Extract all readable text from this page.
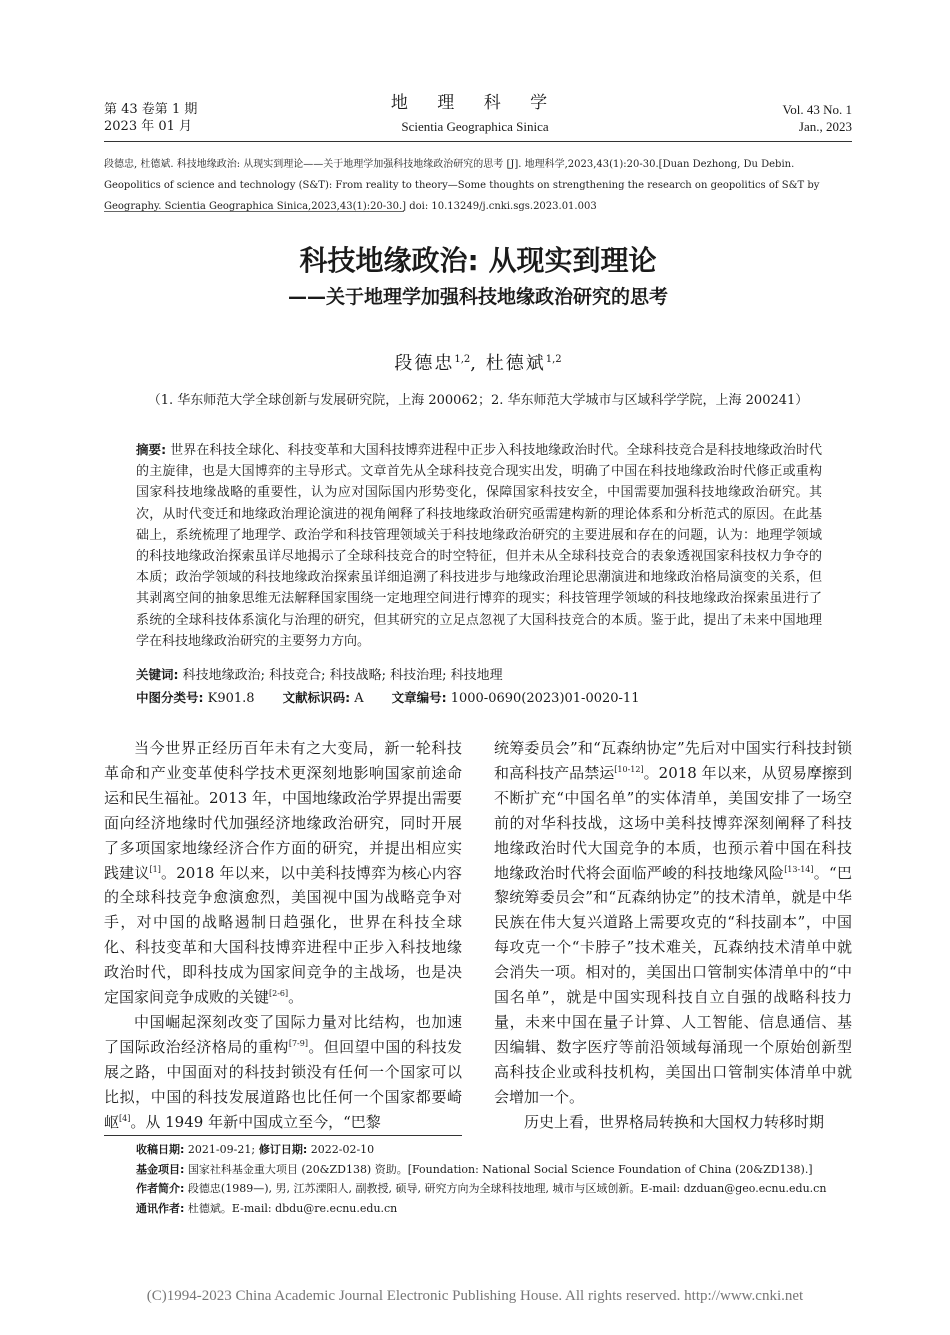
第 43 卷第 1 期
2023 年 01 月
地 理 科 学
Scientia Geographica Sinica
Vol. 43 No. 1
Jan., 2023
段德忠, 杜德斌. 科技地缘政治: 从现实到理论——关于地理学加强科技地缘政治研究的思考 [J]. 地理科学,2023,43(1):20-30.[Duan Dezhong, Du Debin. Geopolitics of science and technology (S&T): From reality to theory—Some thoughts on strengthening the research on geopolitics of S&T by Geography. Scientia Geographica Sinica,2023,43(1):20-30.] doi: 10.13249/j.cnki.sgs.2023.01.003
科技地缘政治: 从现实到理论
——关于地理学加强科技地缘政治研究的思考
段德忠$^{1,2}$, 杜德斌$^{1,2}$
（1. 华东师范大学全球创新与发展研究院，上海 200062；2. 华东师范大学城市与区域科学学院，上海 200241）
摘要: 世界在科技全球化、科技变革和大国科技博弈进程中正步入科技地缘政治时代。全球科技竞合是科技地缘政治时代的主旋律，也是大国博弈的主导形式。文章首先从全球科技竞合现实出发，明确了中国在科技地缘政治时代修正或重构国家科技地缘战略的重要性，认为应对国际国内形势变化，保障国家科技安全，中国需要加强科技地缘政治研究。其次，从时代变迁和地缘政治理论演进的视角阐释了科技地缘政治研究亟需建构新的理论体系和分析范式的原因。在此基础上，系统梳理了地理学、政治学和科技管理领域关于科技地缘政治研究的主要进展和存在的问题，认为：地理学领域的科技地缘政治探索虽详尽地揭示了全球科技竞合的时空特征，但并未从全球科技竞合的表象透视国家科技权力争夺的本质；政治学领域的科技地缘政治探索虽详细追溯了科技进步与地缘政治理论思潮演进和地缘政治格局演变的关系，但其剥离空间的抽象思维无法解释国家围绕一定地理空间进行博弈的现实；科技管理学领域的科技地缘政治探索虽进行了系统的全球科技体系演化与治理的研究，但其研究的立足点忽视了大国科技竞合的本质。鉴于此，提出了未来中国地理学在科技地缘政治研究的主要努力方向。
关键词: 科技地缘政治; 科技竞合; 科技战略; 科技治理; 科技地理
中图分类号: K901.8 文献标识码: A 文章编号: 1000-0690(2023)01-0020-11

当今世界正经历百年未有之大变局，新一轮科技革命和产业变革使科学技术更深刻地影响国家前途命运和民生福祉。2013 年，中国地缘政治学界提出需要面向经济地缘时代加强经济地缘政治研究，同时开展了多项国家地缘经济合作方面的研究，并提出相应实践建议[1]。2018 年以来，以中美科技博弈为核心内容的全球科技竞争愈演愈烈，美国视中国为战略竞争对手，对中国的战略遏制日趋强化，世界在科技全球化、科技变革和大国科技博弈进程中正步入科技地缘政治时代，即科技成为国家间竞争的主战场，也是决定国家间竞争成败的关键[2-6]。

中国崛起深刻改变了国际力量对比结构，也加速了国际政治经济格局的重构[7-9]。但回望中国的科技发展之路，中国面对的科技封锁没有任何一个国家可以比拟，中国的科技发展道路也比任何一个国家都要崎岖[4]。从 1949 年新中国成立至今，“巴黎

统筹委员会”和“瓦森纳协定”先后对中国实行科技封锁和高科技产品禁运[10-12]。2018 年以来，从贸易摩擦到不断扩充“中国名单”的实体清单，美国安排了一场空前的对华科技战，这场中美科技博弈深刻阐释了科技地缘政治时代大国竞争的本质，也预示着中国在科技地缘政治时代将会面临严峻的科技地缘风险[13-14]。“巴黎统筹委员会”和“瓦森纳协定”的技术清单，就是中华民族在伟大复兴道路上需要攻克的“科技副本”，中国每攻克一个“卡脖子”技术难关，瓦森纳技术清单中就会消失一项。相对的，美国出口管制实体清单中的“中国名单”，就是中国实现科技自立自强的战略科技力量，未来中国在量子计算、人工智能、信息通信、基因编辑、数字医疗等前沿领域每涌现一个原始创新型高科技企业或科技机构，美国出口管制实体清单中就会增加一个。

历史上看，世界格局转换和大国权力转移时期

收稿日期: 2021-09-21; 修订日期: 2022-02-10
基金项目: 国家社科基金重大项目 (20&ZD138) 资助。[Foundation: National Social Science Foundation of China (20&ZD138).]
作者简介: 段德忠(1989—), 男, 江苏溧阳人, 副教授, 硕导, 研究方向为全球科技地理, 城市与区域创新。E-mail: dzduan@geo.ecnu.edu.cn
通讯作者: 杜德斌。E-mail: dbdu@re.ecnu.edu.cn
(C)1994-2023 China Academic Journal Electronic Publishing House. All rights reserved. http://www.cnki.net
